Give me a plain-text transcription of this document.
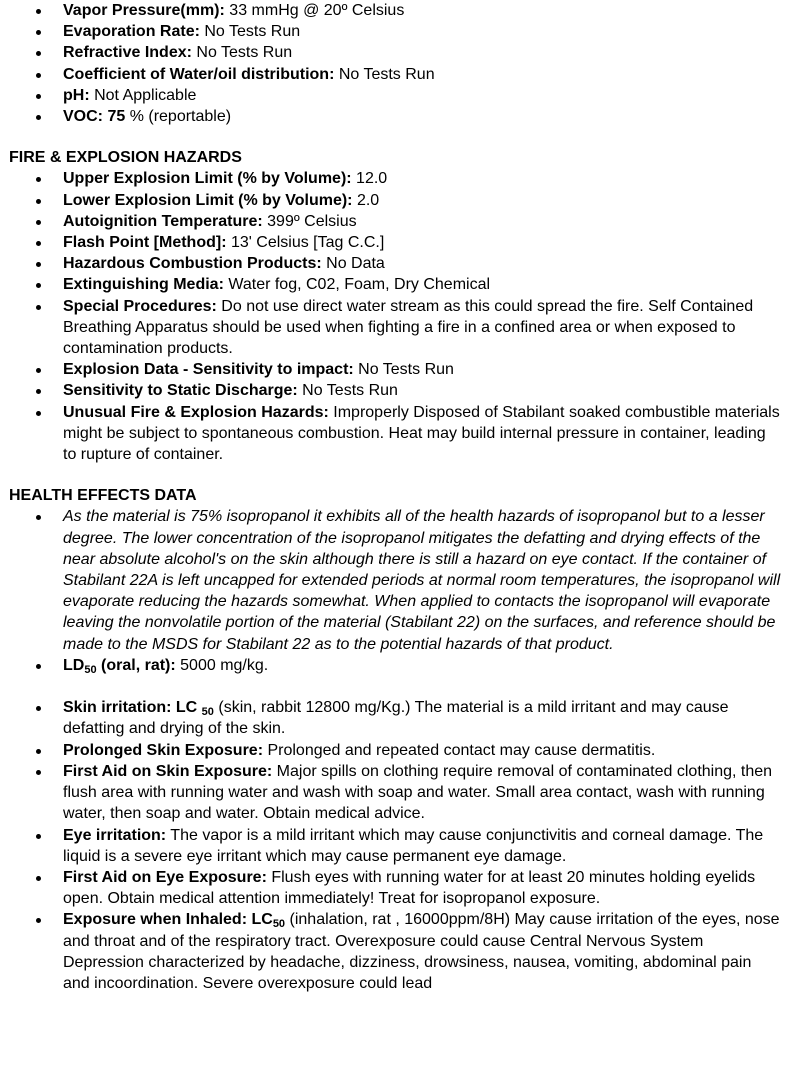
Vapor Pressure(mm): 33 mmHg @ 20º Celsius
Evaporation Rate: No Tests Run
Refractive Index: No Tests Run
Coefficient of Water/oil distribution: No Tests Run
pH: Not Applicable
VOC: 75 % (reportable)

FIRE & EXPLOSION HAZARDS

Upper Explosion Limit (% by Volume): 12.0
Lower Explosion Limit (% by Volume): 2.0
Autoignition Temperature: 399º Celsius
Flash Point [Method]: 13' Celsius [Tag C.C.]
Hazardous Combustion Products: No Data
Extinguishing Media: Water fog, C02, Foam, Dry Chemical
Special Procedures: Do not use direct water stream as this could spread the fire. Self Contained Breathing Apparatus should be used when fighting a fire in a confined area or when exposed to contamination products.
Explosion Data - Sensitivity to impact: No Tests Run
Sensitivity to Static Discharge: No Tests Run
Unusual Fire & Explosion Hazards: Improperly Disposed of Stabilant soaked combustible materials might be subject to spontaneous combustion. Heat may build internal pressure in container, leading to rupture of container.

HEALTH EFFECTS DATA

As the material is 75% isopropanol it exhibits all of the health hazards of isopropanol but to a lesser degree. The lower concentration of the isopropanol mitigates the defatting and drying effects of the near absolute alcohol's on the skin although there is still a hazard on eye contact. If the container of Stabilant 22A is left uncapped for extended periods at normal room temperatures, the isopropanol will evaporate reducing the hazards somewhat. When applied to contacts the isopropanol will evaporate leaving the nonvolatile portion of the material (Stabilant 22) on the surfaces, and reference should be made to the MSDS for Stabilant 22 as to the potential hazards of that product.
$LD_{50}$ (oral, rat): 5000 mg/kg.
Skin irritation: LC $_{50}$ (skin, rabbit 12800 mg/Kg.) The material is a mild irritant and may cause defatting and drying of the skin.
Prolonged Skin Exposure: Prolonged and repeated contact may cause dermatitis.
First Aid on Skin Exposure: Major spills on clothing require removal of contaminated clothing, then flush area with running water and wash with soap and water. Small area contact, wash with running water, then soap and water. Obtain medical advice.
Eye irritation: The vapor is a mild irritant which may cause conjunctivitis and corneal damage. The liquid is a severe eye irritant which may cause permanent eye damage.
First Aid on Eye Exposure: Flush eyes with running water for at least 20 minutes holding eyelids open. Obtain medical attention immediately! Treat for isopropanol exposure.
Exposure when Inhaled: $LC_{50}$ (inhalation, rat , 16000ppm/8H) May cause irritation of the eyes, nose and throat and of the respiratory tract. Overexposure could cause Central Nervous System Depression characterized by headache, dizziness, drowsiness, nausea, vomiting, abdominal pain and incoordination. Severe overexposure could lead
